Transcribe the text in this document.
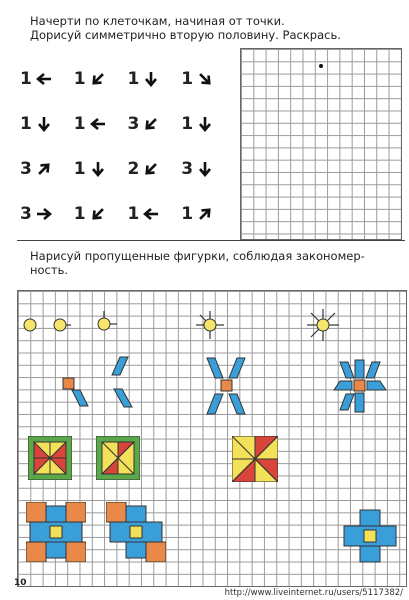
Начерти по клеточкам, начиная от точки.
Дорисуй симметрично вторую половину. Раскрась.
1 1 1 1
1 1 3 1
3 1 2 3
3 1 1 1
Нарисуй пропущенные фигурки, соблюдая закономер-
ность.
10
http://www.liveinternet.ru/users/5117382/
